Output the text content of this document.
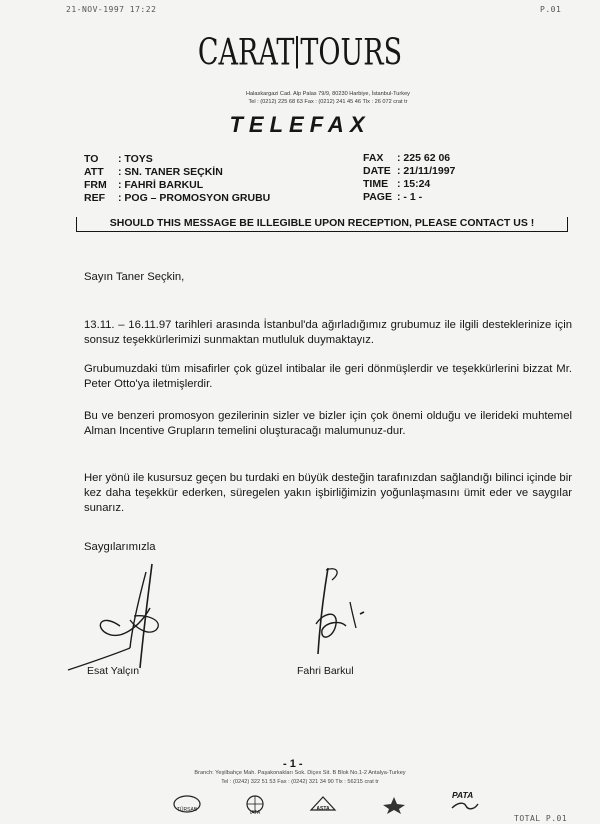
21-NOV-1997 17:22	P.01
CARAT TOURS
Halaskargazi Cad. Alp Palas 79/9, 80230 Harbiye, İstanbul-Turkey
Tel : (0212) 225 68 63 Fax : (0212) 241 45 46 Tlx : 26 072 crat tr
TELEFAX
TO	: TOYS
ATT	: SN. TANER SEÇKİN
FRM	: FAHRİ BARKUL
REF	: POG – PROMOSYON GRUBU
FAX	: 225 62 06
DATE	: 21/11/1997
TIME	: 15:24
PAGE	: - 1 -
SHOULD THIS MESSAGE BE ILLEGIBLE UPON RECEPTION, PLEASE CONTACT US !

Sayın Taner Seçkin,

13.11. – 16.11.97 tarihleri arasında İstanbul'da ağırladığımız grubumuz ile ilgili desteklerinize için sonsuz teşekkürlerimizi sunmaktan mutluluk duymaktayız.

Grubumuzdaki tüm misafirler çok güzel intibalar ile geri dönmüşlerdir ve teşekkürlerini bizzat Mr. Peter Otto'ya iletmişlerdir.

Bu ve benzeri promosyon gezilerinin sizler ve bizler için çok önemi olduğu ve ilerideki muhtemel Alman Incentive Grupların temelini oluşturacağı malumunuz-dur.

Her yönü ile kusursuz geçen bu turdaki en büyük desteğin tarafınızdan sağlandığı bilinci içinde bir kez daha teşekkür ederken, süregelen yakın işbirliğimizin yoğunlaşmasını ümit eder ve saygılar sunarız.

Saygılarımızla

Esat Yalçın	Fahri Barkul
- 1 -
Branch: Yeşilbahçe Mah. Paşakonakları Sok. Diçex Sit. B Blok No.1-2 Antalya-Turkey
Tel : (0242) 322 51 53 Fax : (0242) 321 34 90 Tlx : 56215 crat tr
TÜRSAB	IATA
ASTA
PATA
TOTAL P.01
